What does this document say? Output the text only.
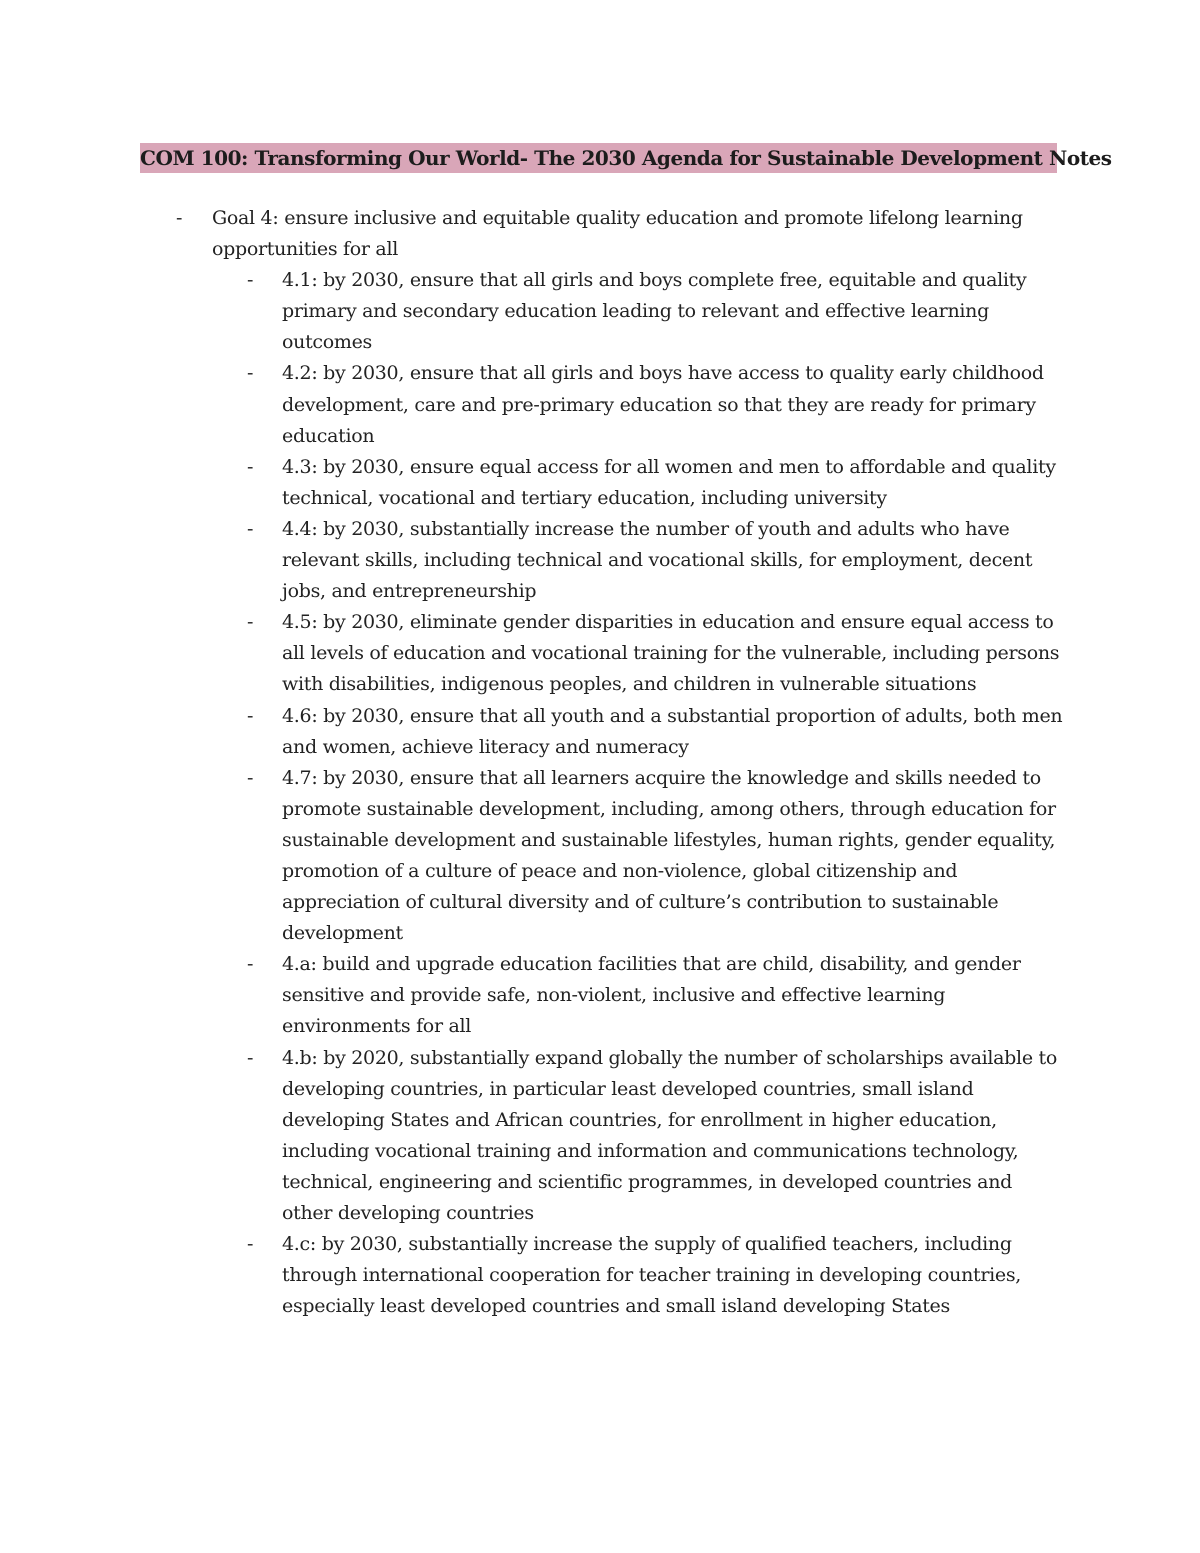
COM 100: Transforming Our World- The 2030 Agenda for Sustainable Development Notes
- Goal 4: ensure inclusive and equitable quality education and promote lifelong learning opportunities for all
- 4.1: by 2030, ensure that all girls and boys complete free, equitable and quality primary and secondary education leading to relevant and effective learning outcomes
- 4.2: by 2030, ensure that all girls and boys have access to quality early childhood development, care and pre-primary education so that they are ready for primary education
- 4.3: by 2030, ensure equal access for all women and men to affordable and quality technical, vocational and tertiary education, including university
- 4.4: by 2030, substantially increase the number of youth and adults who have relevant skills, including technical and vocational skills, for employment, decent jobs, and entrepreneurship
- 4.5: by 2030, eliminate gender disparities in education and ensure equal access to all levels of education and vocational training for the vulnerable, including persons with disabilities, indigenous peoples, and children in vulnerable situations
- 4.6: by 2030, ensure that all youth and a substantial proportion of adults, both men and women, achieve literacy and numeracy
- 4.7: by 2030, ensure that all learners acquire the knowledge and skills needed to promote sustainable development, including, among others, through education for sustainable development and sustainable lifestyles, human rights, gender equality, promotion of a culture of peace and non-violence, global citizenship and appreciation of cultural diversity and of culture’s contribution to sustainable development
- 4.a: build and upgrade education facilities that are child, disability, and gender sensitive and provide safe, non-violent, inclusive and effective learning environments for all
- 4.b: by 2020, substantially expand globally the number of scholarships available to developing countries, in particular least developed countries, small island developing States and African countries, for enrollment in higher education, including vocational training and information and communications technology, technical, engineering and scientific programmes, in developed countries and other developing countries
- 4.c: by 2030, substantially increase the supply of qualified teachers, including through international cooperation for teacher training in developing countries, especially least developed countries and small island developing States
